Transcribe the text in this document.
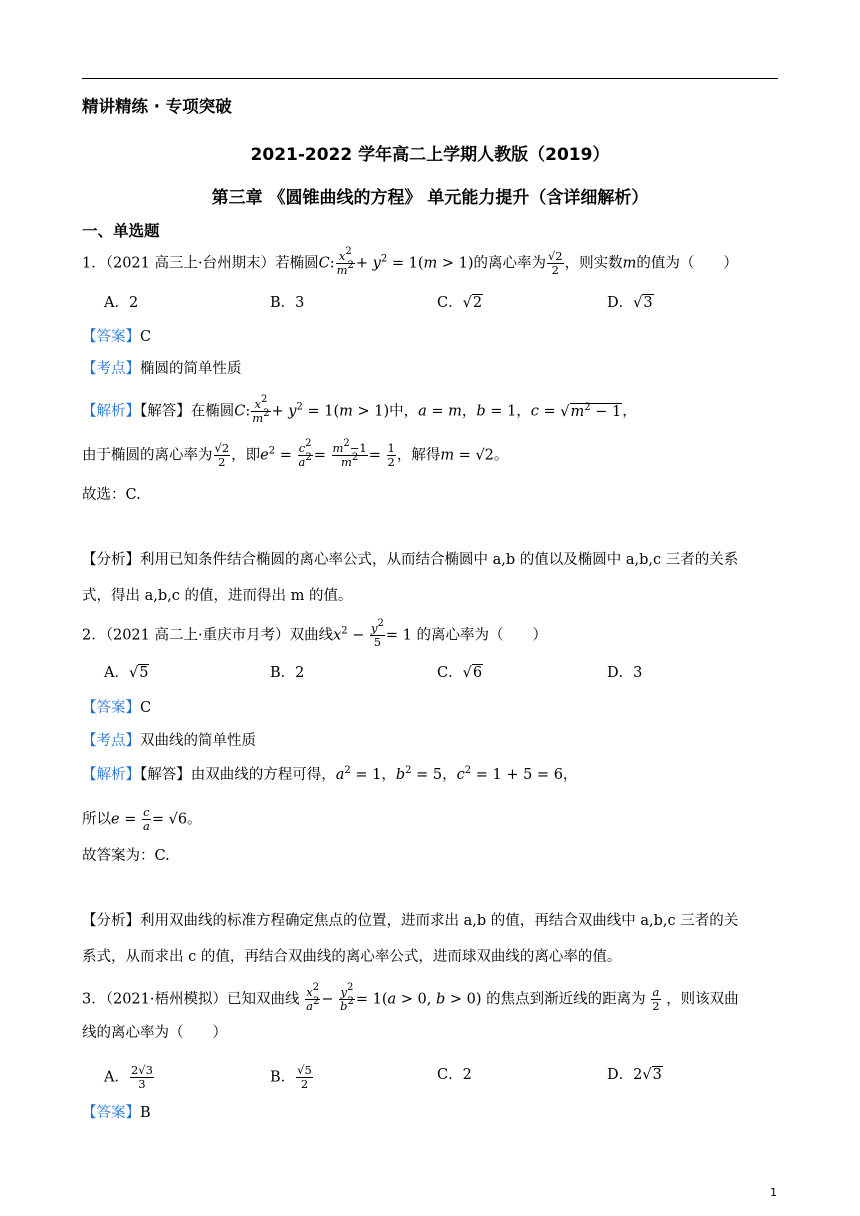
精讲精练 · 专项突破
2021-2022 学年高二上学期人教版（2019）
第三章 《圆锥曲线的方程》 单元能力提升（含详细解析）
一、单选题
1．（2021 高三上·台州期末）若椭圆C: $\frac{x^2}{m^2} + y^2 = 1(m > 1)$的离心率为 $\frac{√2}{2}$ ，则实数m的值为（　　）
A．2	B．3	C．√2	D．√3
【答案】C
【考点】椭圆的简单性质
【解析】【解答】在椭圆C: $\frac{x^2}{m^2} + y^2 = 1(m > 1)$中，a = m，b = 1，$c = √m^2 - 1$，
由于椭圆的离心率为 $\frac{√2}{2}$ ，即$e^2 = \frac{c^2}{a^2} = \frac{m^2-1}{m^2} = \frac{1}{2}$ ，解得m = √2。
故选：C.
【分析】利用已知条件结合椭圆的离心率公式，从而结合椭圆中 a,b 的值以及椭圆中 a,b,c 三者的关系
式，得出 a,b,c 的值，进而得出 m 的值。
2．（2021 高二上·重庆市月考）双曲线$x^2 - \frac{y^2}{5} = 1$ 的离心率为（　　）
A．√5	B．2	C．√6	D．3
【答案】C
【考点】双曲线的简单性质
【解析】【解答】由双曲线的方程可得，$a^2 = 1$，$b^2 = 5$，$c^2 = 1 + 5 = 6$，
所以$e = \frac{c}{a} = √6$。
故答案为：C.
【分析】利用双曲线的标准方程确定焦点的位置，进而求出 a,b 的值，再结合双曲线中 a,b,c 三者的关
系式，从而求出 c 的值，再结合双曲线的离心率公式，进而球双曲线的离心率的值。
3．（2021·梧州模拟）已知双曲线 $\frac{x^2}{a^2} - \frac{y^2}{b^2} = 1(a > 0$, b > 0) 的焦点到渐近线的距离为 $\frac{a}{2}$ ，则该双曲
线的离心率为（　　）
A． $\frac{2√3}{3}$	B． $\frac{√5}{2}$	C．2	D．2√3
【答案】B
1
